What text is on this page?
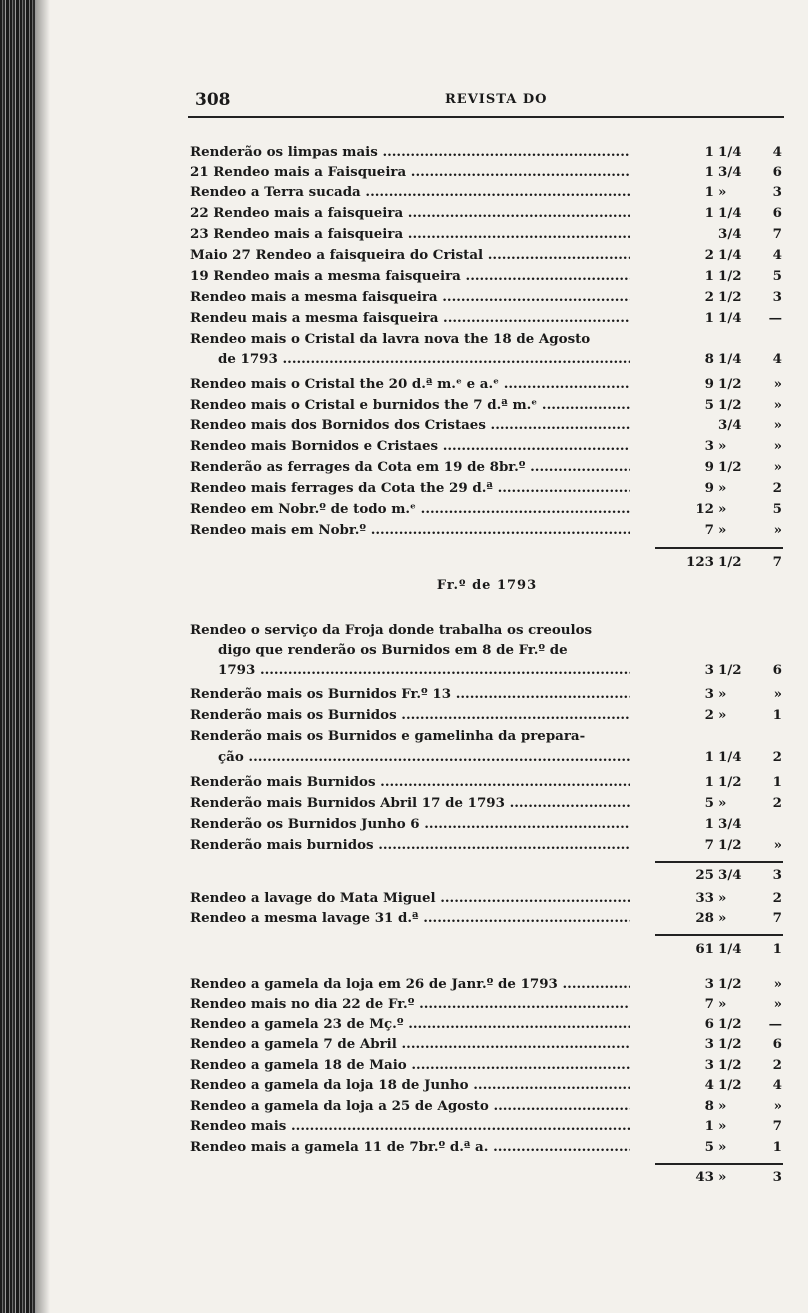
308	REVISTA DO
Renderão os limpas mais .....	1 1/4	4
21 Rendeo mais a Faisqueira .....	1 3/4	6
Rendeo a Terra sucada .....	1 »	3
22 Rendeo mais a faisqueira .....	1 1/4	6
23 Rendeo mais a faisqueira .....	3/4	7
Maio 27 Rendeo a faisqueira do Cristal .....	2 1/4	4
19 Rendeo mais a mesma faisqueira .....	1 1/2	5
Rendeo mais a mesma faisqueira .....	2 1/2	3
Rendeu mais a mesma faisqueira .....	1 1/4	—
Rendeo mais o Cristal da lavra nova the 18 de Agosto
de 1793 .....	8 1/4	4
Rendeo mais o Cristal the 20 d.ª m.ᵉ e a.ᵉ .....	9 1/2	»
Rendeo mais o Cristal e burnidos the 7 d.ª m.ᵉ .....	5 1/2	»
Rendeo mais dos Bornidos dos Cristaes .....	3/4	»
Rendeo mais Bornidos e Cristaes .....	3 »	»
Renderão as ferrages da Cota em 19 de 8br.º .....	9 1/2	»
Rendeo mais ferrages da Cota the 29 d.ª .....	9 »	2
Rendeo em Nobr.º de todo m.ᵉ .....	12 »	5
Rendeo mais em Nobr.º .....	7 »	»
123 1/2	7
Fr.º de 1793
Rendeo o serviço da Froja donde trabalha os creoulos
digo que renderão os Burnidos em 8 de Fr.º de
1793 .....	3 1/2	6
Renderão mais os Burnidos Fr.º 13 .....	3 »	»
Renderão mais os Burnidos .....	2 »	1
Renderão mais os Burnidos e gamelinha da prepara-
ção .....	1 1/4	2
Renderão mais Burnidos .....	1 1/2	1
Renderão mais Burnidos Abril 17 de 1793 .....	5 »	2
Renderão os Burnidos Junho 6 .....	1 3/4
Renderão mais burnidos .....	7 1/2	»
25 3/4	3
Rendeo a lavage do Mata Miguel .....	33 »	2
Rendeo a mesma lavage 31 d.ª .....	28 »	7
61 1/4	1
Rendeo a gamela da loja em 26 de Janr.º de 1793 .....	3 1/2	»
Rendeo mais no dia 22 de Fr.º .....	7 »	»
Rendeo a gamela 23 de Mç.º .....	6 1/2	—
Rendeo a gamela 7 de Abril .....	3 1/2	6
Rendeo a gamela 18 de Maio .....	3 1/2	2
Rendeo a gamela da loja 18 de Junho .....	4 1/2	4
Rendeo a gamela da loja a 25 de Agosto .....	8 »	»
Rendeo mais .....	1 »	7
Rendeo mais a gamela 11 de 7br.º d.ª a. .....	5 »	1
43 »	3
